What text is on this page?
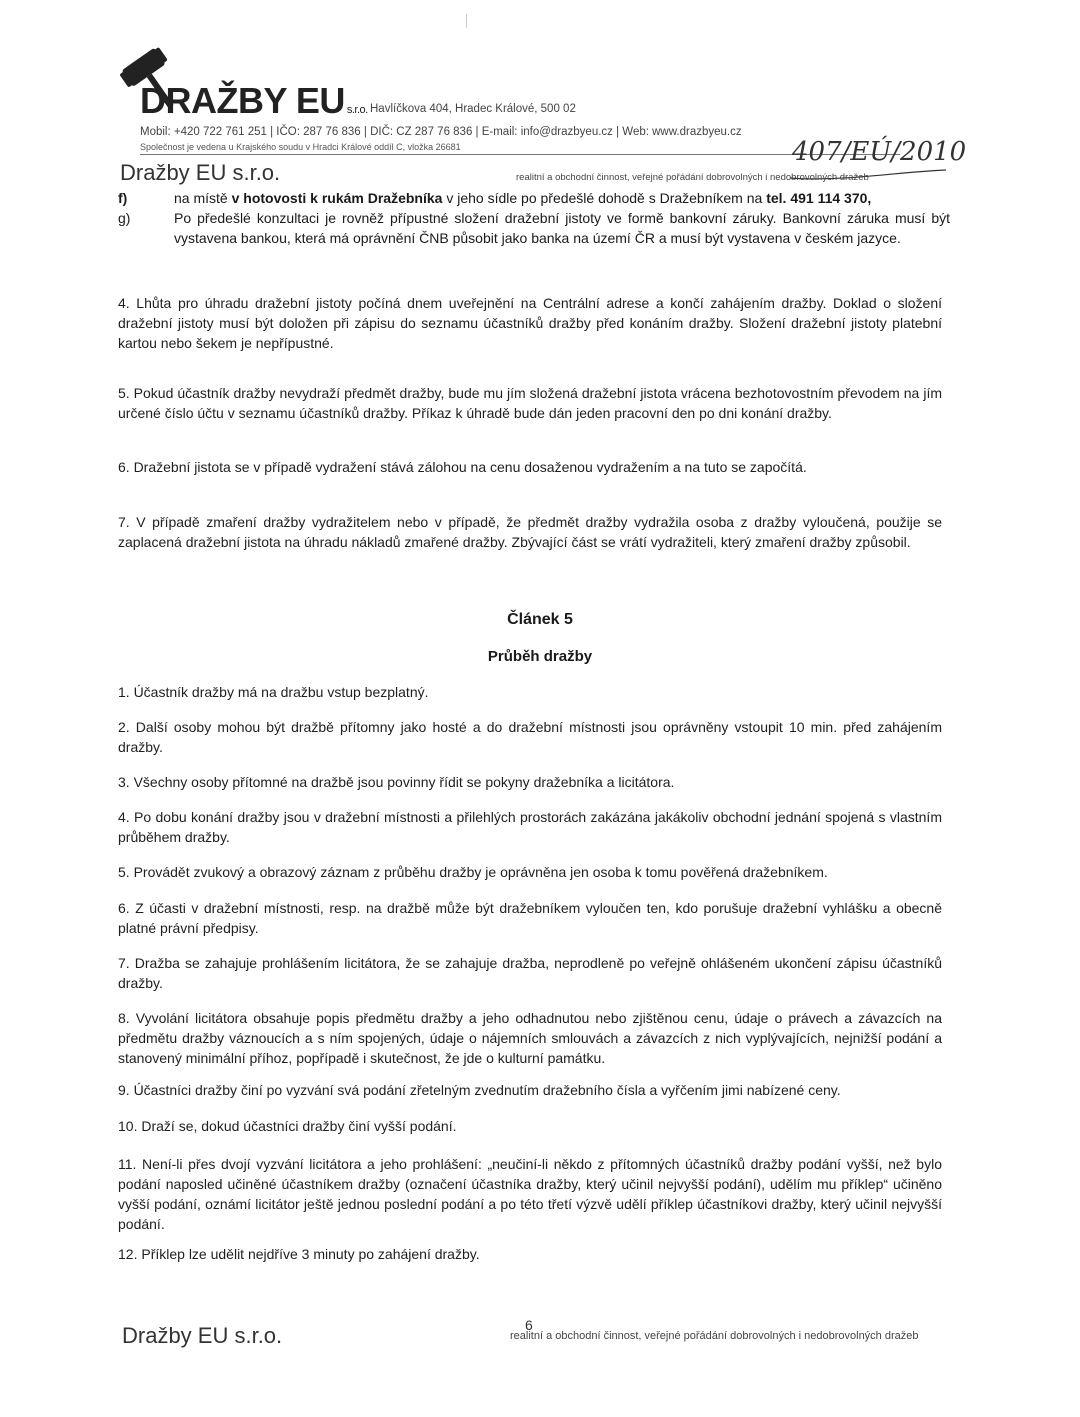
DRAŽBY EU s.r.o. Havlíčkova 404, Hradec Králové, 500 02
Mobil: +420 722 761 251 | IČO: 287 76 836 | DIČ: CZ 287 76 836 | E-mail: info@drazbyeu.cz | Web: www.drazbyeu.cz
Společnost je vedena u Krajského soudu v Hradci Králové oddíl C, vložka 26681	407/EÚ/2010
Dražby EU s.r.o.	realitní a obchodní činnost, veřejné pořádání dobrovolných i nedobrovolných dražeb
f)	na místě v hotovosti k rukám Dražebníka v jeho sídle po předešlé dohodě s Dražebníkem na tel. 491 114 370,
g)	Po předešlé konzultaci je rovněž přípustné složení dražební jistoty ve formě bankovní záruky. Bankovní záruka musí být vystavena bankou, která má oprávnění ČNB působit jako banka na území ČR a musí být vystavena v českém jazyce.
4. Lhůta pro úhradu dražební jistoty počíná dnem uveřejnění na Centrální adrese a končí zahájením dražby. Doklad o složení dražební jistoty musí být doložen při zápisu do seznamu účastníků dražby před konáním dražby. Složení dražební jistoty platební kartou nebo šekem je nepřípustné.
5. Pokud účastník dražby nevydraží předmět dražby, bude mu jím složená dražební jistota vrácena bezhotovostním převodem na jím určené číslo účtu v seznamu účastníků dražby. Příkaz k úhradě bude dán jeden pracovní den po dni konání dražby.
6. Dražební jistota se v případě vydražení stává zálohou na cenu dosaženou vydražením a na tuto se započítá.
7. V případě zmaření dražby vydražitelem nebo v případě, že předmět dražby vydražila osoba z dražby vyloučená, použije se zaplacená dražební jistota na úhradu nákladů zmařené dražby. Zbývající část se vrátí vydražiteli, který zmaření dražby způsobil.
Článek 5
Průběh dražby
1. Účastník dražby má na dražbu vstup bezplatný.
2. Další osoby mohou být dražbě přítomny jako hosté a do dražební místnosti jsou oprávněny vstoupit 10 min. před zahájením dražby.
3. Všechny osoby přítomné na dražbě jsou povinny řídit se pokyny dražebníka a licitátora.
4. Po dobu konání dražby jsou v dražební místnosti a přilehlých prostorách zakázána jakákoliv obchodní jednání spojená s vlastním průběhem dražby.
5. Provádět zvukový a obrazový záznam z průběhu dražby je oprávněna jen osoba k tomu pověřená dražebníkem.
6. Z účasti v dražební místnosti, resp. na dražbě může být dražebníkem vyloučen ten, kdo porušuje dražební vyhlášku a obecně platné právní předpisy.
7. Dražba se zahajuje prohlášením licitátora, že se zahajuje dražba, neprodleně po veřejně ohlášeném ukončení zápisu účastníků dražby.
8. Vyvolání licitátora obsahuje popis předmětu dražby a jeho odhadnutou nebo zjištěnou cenu, údaje o právech a závazcích na předmětu dražby váznoucích a s ním spojených, údaje o nájemních smlouvách a závazcích z nich vyplývajících, nejnižší podání a stanovený minimální příhoz, popřípadě i skutečnost, že jde o kulturní památku.
9. Účastníci dražby činí po vyzvání svá podání zřetelným zvednutím dražebního čísla a vyřčením jimi nabízené ceny.
10. Draží se, dokud účastníci dražby činí vyšší podání.
11. Není-li přes dvojí vyzvání licitátora a jeho prohlášení: „neučiní-li někdo z přítomných účastníků dražby podání vyšší, než bylo podání naposled učiněné účastníkem dražby (označení účastníka dražby, který učinil nejvyšší podání), udělím mu příklep“ učiněno vyšší podání, oznámí licitátor ještě jednou poslední podání a po této třetí výzvě udělí příklep účastníkovi dražby, který učinil nejvyšší podání.
12. Příklep lze udělit nejdříve 3 minuty po zahájení dražby.
Dražby EU s.r.o.	6
realitní a obchodní činnost, veřejné pořádání dobrovolných i nedobrovolných dražeb
